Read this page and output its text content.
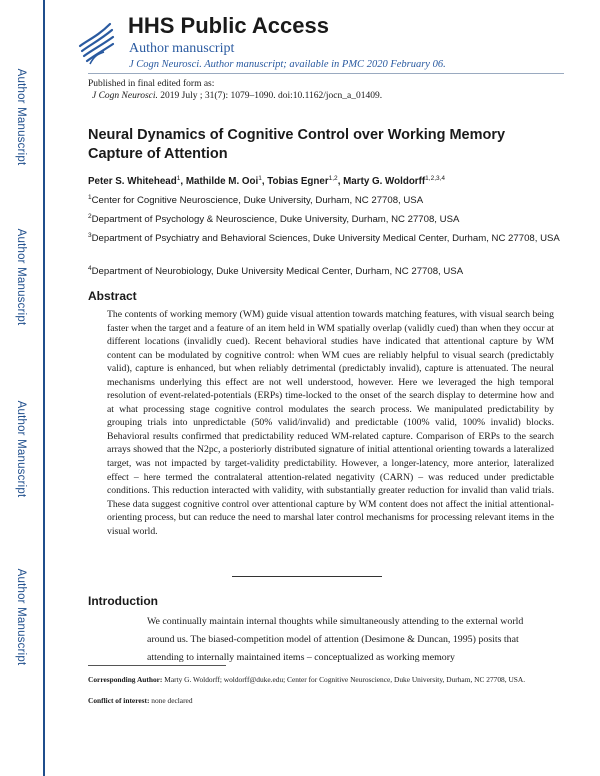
Author Manuscript
Author Manuscript
Author Manuscript
Author Manuscript
HHS Public Access
Author manuscript
J Cogn Neurosci. Author manuscript; available in PMC 2020 February 06.
Published in final edited form as:
J Cogn Neurosci. 2019 July ; 31(7): 1079–1090. doi:10.1162/jocn_a_01409.
Neural Dynamics of Cognitive Control over Working Memory Capture of Attention
Peter S. Whitehead$^1$, Mathilde M. Ooi$^1$, Tobias Egner$^{1,2}$, Marty G. Woldorff$^{1,2,3,4}$
$^1$Center for Cognitive Neuroscience, Duke University, Durham, NC 27708, USA
$^2$Department of Psychology & Neuroscience, Duke University, Durham, NC 27708, USA
$^3$Department of Psychiatry and Behavioral Sciences, Duke University Medical Center, Durham, NC 27708, USA
$^4$Department of Neurobiology, Duke University Medical Center, Durham, NC 27708, USA
Abstract
The contents of working memory (WM) guide visual attention towards matching features, with visual search being faster when the target and a feature of an item held in WM spatially overlap (validly cued) than when they occur at different locations (invalidly cued). Recent behavioral studies have indicated that attentional capture by WM content can be modulated by cognitive control: when WM cues are reliably helpful to visual search (predictably valid), capture is enhanced, but when reliably detrimental (predictably invalid), capture is attenuated. The neural mechanisms underlying this effect are not well understood, however. Here we leveraged the high temporal resolution of event-related-potentials (ERPs) time-locked to the onset of the search display to determine how and at what processing stage cognitive control modulates the search process. We manipulated predictability by grouping trials into unpredictable (50% valid/invalid) and predictable (100% valid, 100% invalid) blocks. Behavioral results confirmed that predictability reduced WM-related capture. Comparison of ERPs to the search arrays showed that the N2pc, a posteriorly distributed signature of initial attentional orienting towards a lateralized target, was not impacted by target-validity predictability. However, a longer-latency, more anterior, lateralized effect – here termed the contralateral attention-related negativity (CARN) – was reduced under predictable conditions. This reduction interacted with validity, with substantially greater reduction for invalid than valid trials. These data suggest cognitive control over attentional capture by WM content does not affect the initial attentional-orienting process, but can reduce the need to marshal later control mechanisms for processing relevant items in the visual world.
Introduction
We continually maintain internal thoughts while simultaneously attending to the external world around us. The biased-competition model of attention (Desimone & Duncan, 1995) posits that attending to internally maintained items – conceptualized as working memory
Corresponding Author: Marty G. Woldorff; woldorff@duke.edu; Center for Cognitive Neuroscience, Duke University, Durham, NC 27708, USA.
Conflict of interest: none declared
